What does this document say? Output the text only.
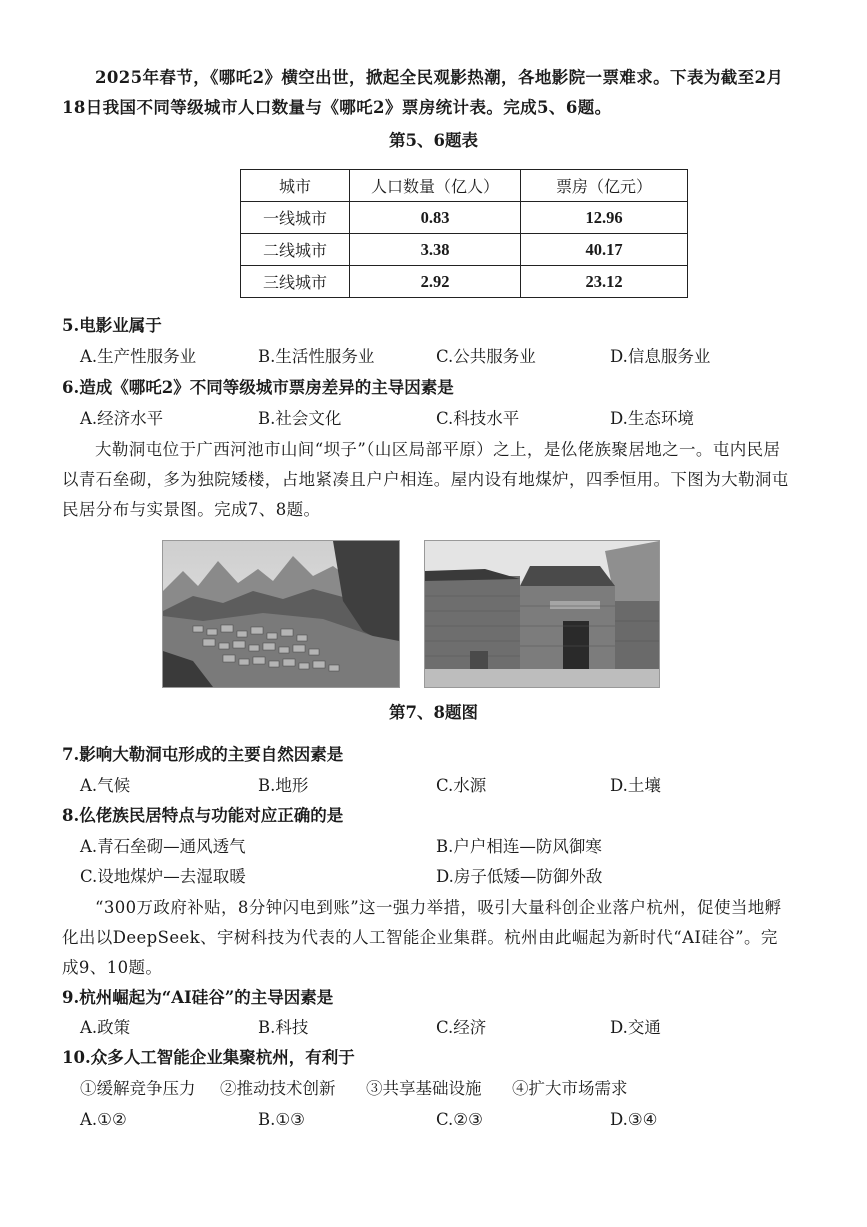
2025年春节，《哪吒2》横空出世，掀起全民观影热潮，各地影院一票难求。下表为截至2月18日我国不同等级城市人口数量与《哪吒2》票房统计表。完成5、6题。
第5、6题表
城市	人口数量（亿人）	票房（亿元）
一线城市	0.83	12.96
二线城市	3.38	40.17
三线城市	2.92	23.12
5.电影业属于
A.生产性服务业	B.生活性服务业	C.公共服务业	D.信息服务业
6.造成《哪吒2》不同等级城市票房差异的主导因素是
A.经济水平	B.社会文化	C.科技水平	D.生态环境
大勒洞屯位于广西河池市山间“坝子”（山区局部平原）之上，是仫佬族聚居地之一。屯内民居以青石垒砌，多为独院矮楼，占地紧凑且户户相连。屋内设有地煤炉，四季恒用。下图为大勒洞屯民居分布与实景图。完成7、8题。
第7、8题图
7.影响大勒洞屯形成的主要自然因素是
A.气候	B.地形	C.水源	D.土壤
8.仫佬族民居特点与功能对应正确的是
A.青石垒砌—通风透气	B.户户相连—防风御寒
C.设地煤炉—去湿取暖	D.房子低矮—防御外敌
“300万政府补贴，8分钟闪电到账”这一强力举措，吸引大量科创企业落户杭州，促使当地孵化出以DeepSeek、宇树科技为代表的人工智能企业集群。杭州由此崛起为新时代“AI硅谷”。完成9、10题。
9.杭州崛起为“AI硅谷”的主导因素是
A.政策	B.科技	C.经济	D.交通
10.众多人工智能企业集聚杭州，有利于
①缓解竞争压力 ②推动技术创新 ③共享基础设施 ④扩大市场需求
A.①②	B.①③	C.②③	D.③④
